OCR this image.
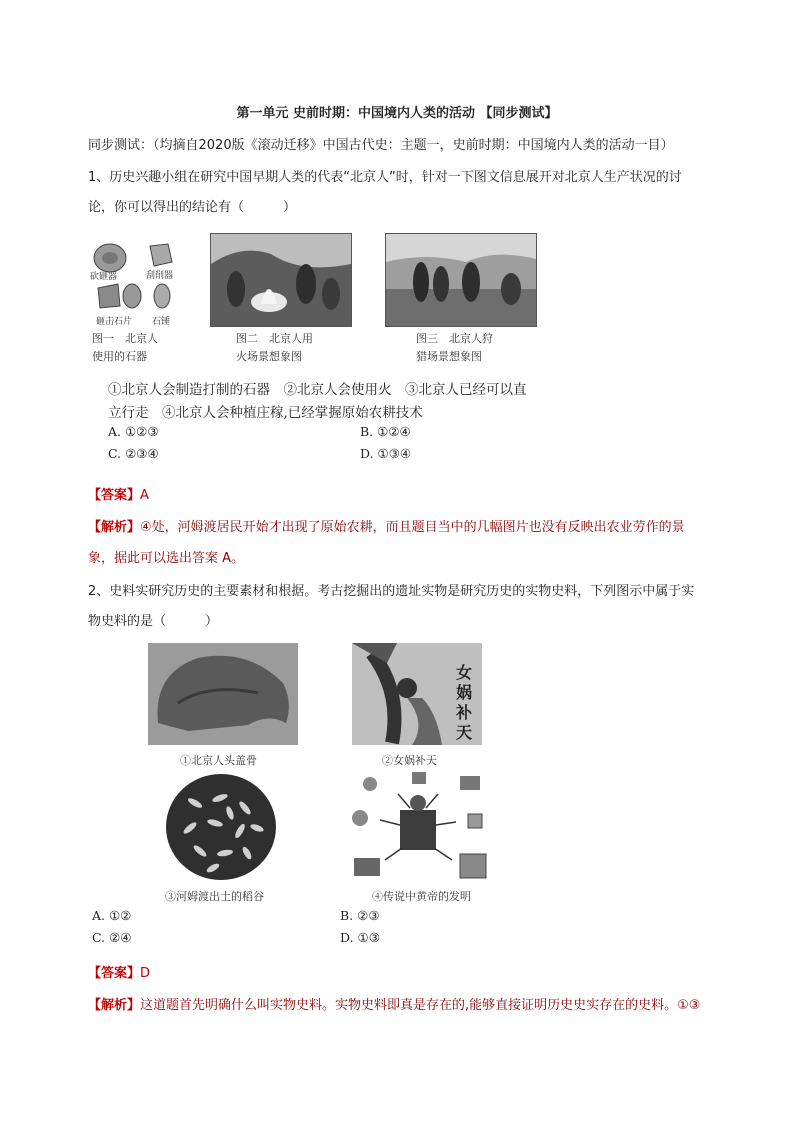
第一单元 史前时期：中国境内人类的活动 【同步测试】
同步测试：（均摘自2020版《滚动迁移》中国古代史：主题一，史前时期：中国境内人类的活动一目）
1、历史兴趣小组在研究中国早期人类的代表“北京人”时，针对一下图文信息展开对北京人生产状况的讨
论，你可以得出的结论有（　　　）
砍砸器	刮削器
砸击石片 石锤
图一　北京人
使用的石器
图二　北京人用
火场景想象图
图三　北京人狩
猎场景想象图
①北京人会制造打制的石器　②北京人会使用火　③北京人已经可以直
立行走　④北京人会种植庄稼,已经掌握原始农耕技术
A. ①②③	B. ①②④
C. ②③④	D. ①③④
【答案】A
【解析】④处，河姆渡居民开始才出现了原始农耕，而且题目当中的几幅图片也没有反映出农业劳作的景
象，据此可以选出答案 A。
2、史料实研究历史的主要素材和根据。考古挖掘出的遗址实物是研究历史的实物史料，下列图示中属于实
物史料的是（　　　）
①北京人头盖骨
女
娲
补
天
②女娲补天
③河姆渡出土的稻谷	④传说中黄帝的发明
A. ①②	B. ②③
C. ②④	D. ①③
【答案】D
【解析】这道题首先明确什么叫实物史料。实物史料即真是存在的,能够直接证明历史史实存在的史料。①③
